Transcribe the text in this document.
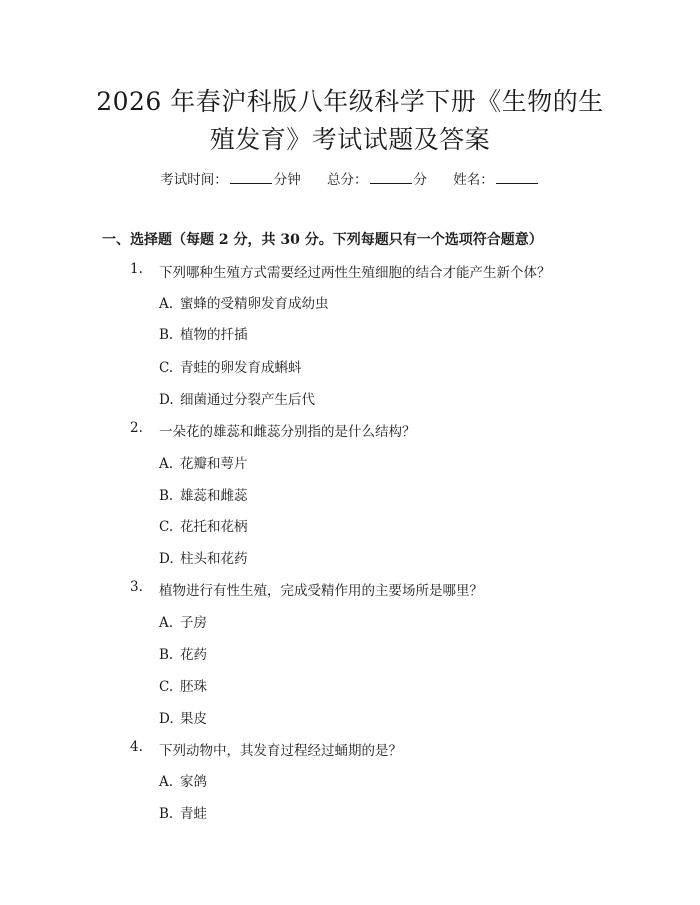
2026 年春沪科版八年级科学下册《生物的生
殖发育》考试试题及答案
考试时间：	分钟 总分：	分 姓名：
一、选择题（每题 2 分，共 30 分。下列每题只有一个选项符合题意）
1. 下列哪种生殖方式需要经过两性生殖细胞的结合才能产生新个体？
A. 蜜蜂的受精卵发育成幼虫
B. 植物的扦插
C. 青蛙的卵发育成蝌蚪
D. 细菌通过分裂产生后代
2. 一朵花的雄蕊和雌蕊分别指的是什么结构？
A. 花瓣和萼片
B. 雄蕊和雌蕊
C. 花托和花柄
D. 柱头和花药
3. 植物进行有性生殖，完成受精作用的主要场所是哪里？
A. 子房
B. 花药
C. 胚珠
D. 果皮
4. 下列动物中，其发育过程经过蛹期的是？
A. 家鸽
B. 青蛙
